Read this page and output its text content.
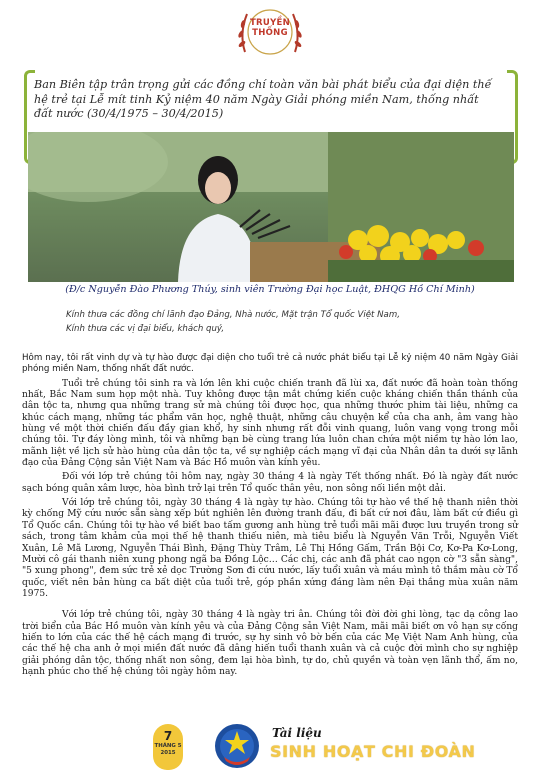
TRUYỀN
THỐNG
Ban Biên tập trân trọng gửi các đồng chí toàn văn bài phát biểu của đại diện thế hệ trẻ tại Lễ mít tinh Kỷ niệm 40 năm Ngày Giải phóng miền Nam, thống nhất đất nước (30/4/1975 – 30/4/2015)
(Đ/c Nguyễn Đào Phương Thúy, sinh viên Trường Đại học Luật, ĐHQG Hồ Chí Minh)
Kính thưa các đồng chí lãnh đạo Đảng, Nhà nước, Mặt trận Tổ quốc Việt Nam,
Kính thưa các vị đại biểu, khách quý,

Hôm nay, tôi rất vinh dự và tự hào được đại diện cho tuổi trẻ cả nước phát biểu tại Lễ kỷ niệm 40 năm Ngày Giải phóng miền Nam, thống nhất đất nước.

Tuổi trẻ chúng tôi sinh ra và lớn lên khi cuộc chiến tranh đã lùi xa, đất nước đã hoàn toàn thống nhất, Bắc Nam sum họp một nhà. Tuy không được tận mắt chứng kiến cuộc kháng chiến thần thánh của dân tộc ta, nhưng qua những trang sử mà chúng tôi được học, qua những thước phim tài liệu, những ca khúc cách mạng, những tác phẩm văn học, nghệ thuật, những câu chuyện kể của cha anh, âm vang hào hùng về một thời chiến đấu đầy gian khổ, hy sinh nhưng rất đỗi vinh quang, luôn vang vọng trong mỗi chúng tôi. Tự đáy lòng mình, tôi và những bạn bè cùng trang lứa luôn chan chứa một niềm tự hào lớn lao, mãnh liệt về lịch sử hào hùng của dân tộc ta, về sự nghiệp cách mạng vĩ đại của Nhân dân ta dưới sự lãnh đạo của Đảng Cộng sản Việt Nam và Bác Hồ muôn vàn kính yêu.

Đối với lớp trẻ chúng tôi hôm nay, ngày 30 tháng 4 là ngày Tết thống nhất. Đó là ngày đất nước sạch bóng quân xâm lược, hòa bình trở lại trên Tổ quốc thân yêu, non sông nối liền một dải.

Với lớp trẻ chúng tôi, ngày 30 tháng 4 là ngày tự hào. Chúng tôi tự hào về thế hệ thanh niên thời kỳ chống Mỹ cứu nước sẵn sàng xếp bút nghiên lên đường tranh đấu, đi bất cứ nơi đâu, làm bất cứ điều gì Tổ Quốc cần. Chúng tôi tự hào về biết bao tấm gương anh hùng trẻ tuổi mãi mãi được lưu truyền trong sử sách, trong tâm khảm của mọi thế hệ thanh thiếu niên, mà tiêu biểu là Nguyễn Văn Trỗi, Nguyễn Viết Xuân, Lê Mã Lương, Nguyễn Thái Bình, Đặng Thùy Trâm, Lê Thị Hồng Gấm, Trần Bội Cơ, Kơ-Pa Kơ-Long, Mười cô gái thanh niên xung phong ngã ba Đồng Lộc… Các chị, các anh đã phát cao ngọn cờ "3 sẵn sàng", "5 xung phong", đem sức trẻ xẻ dọc Trường Sơn đi cứu nước, lấy tuổi xuân và máu mình tô thắm màu cờ Tổ quốc, viết nên bản hùng ca bất diệt của tuổi trẻ, góp phần xứng đáng làm nên Đại thắng mùa xuân năm 1975.

Với lớp trẻ chúng tôi, ngày 30 tháng 4 là ngày tri ân. Chúng tôi đời đời ghi lòng, tạc dạ công lao trời biển của Bác Hồ muôn vàn kính yêu và của Đảng Cộng sản Việt Nam, mãi mãi biết ơn vô hạn sự cống hiến to lớn của các thế hệ cách mạng đi trước, sự hy sinh vô bờ bến của các Mẹ Việt Nam Anh hùng, của các thế hệ cha anh ở mọi miền đất nước đã dâng hiến tuổi thanh xuân và cả cuộc đời mình cho sự nghiệp giải phóng dân tộc, thống nhất non sông, đem lại hòa bình, tự do, chủ quyền và toàn vẹn lãnh thổ, ấm no, hạnh phúc cho thế hệ chúng tôi ngày hôm nay.

7
THÁNG 5
2015
Tài liệu
SINH HOẠT CHI ĐOÀN
